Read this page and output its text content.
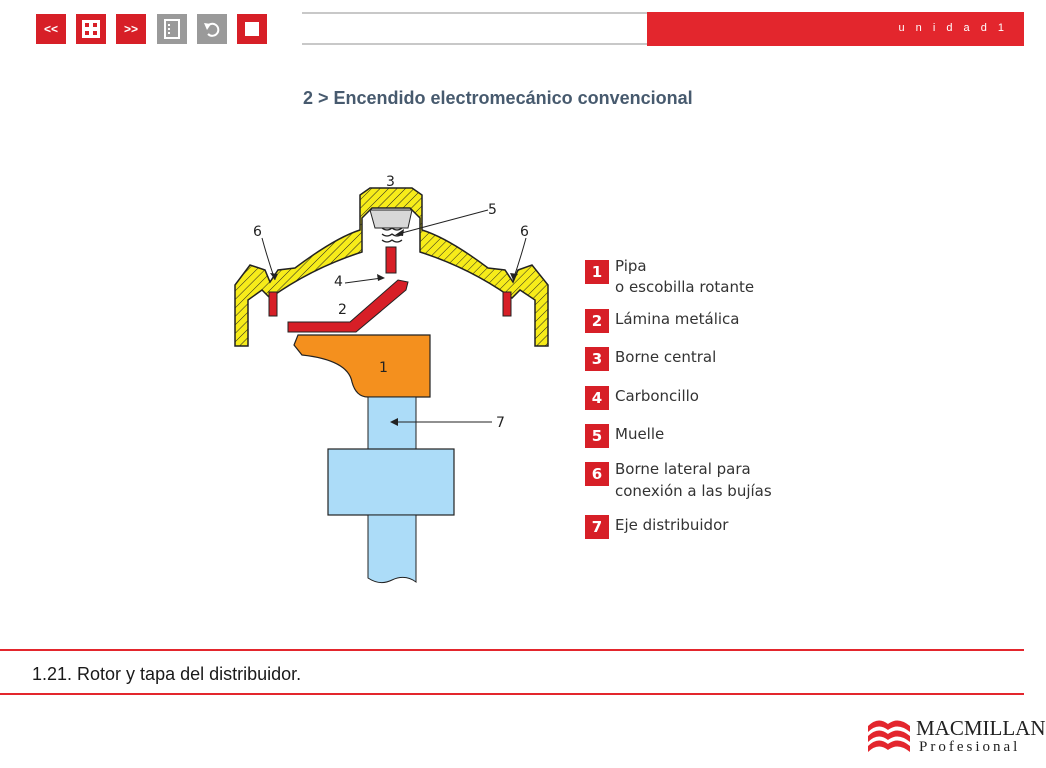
<<	>>	u n i d a d 1
2 > Encendido electromecánico convencional
3
5
6	6
4
2
1
7
1 Pipa
o escobilla rotante
2 Lámina metálica
3 Borne central
4 Carboncillo
5 Muelle
6 Borne lateral para
conexión a las bujías
7 Eje distribuidor
1.21. Rotor y tapa del distribuidor.
MACMILLAN
Profesional
